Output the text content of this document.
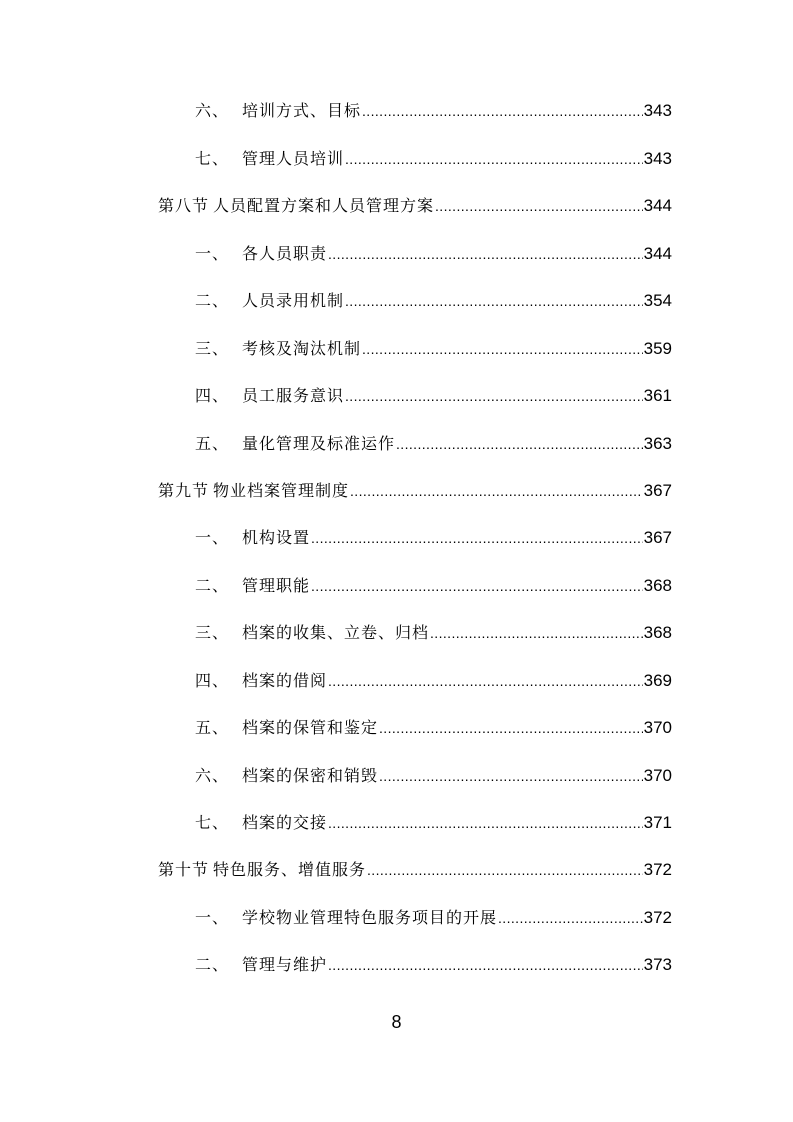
六、 培训方式、目标 .....	343
七、 管理人员培训 .....	343
第八节 人员配置方案和人员管理方案 .....	344
一、 各人员职责 .....	344
二、 人员录用机制 .....	354
三、 考核及淘汰机制 .....	359
四、 员工服务意识 .....	361
五、 量化管理及标准运作 .....	363
第九节 物业档案管理制度 .....	367
一、 机构设置 .....	367
二、 管理职能 .....	368
三、 档案的收集、立卷、归档 .....	368
四、 档案的借阅 .....	369
五、 档案的保管和鉴定 .....	370
六、 档案的保密和销毁 .....	370
七、 档案的交接 .....	371
第十节 特色服务、增值服务 .....	372
一、 学校物业管理特色服务项目的开展 .....	372
二、 管理与维护 .....	373
8
